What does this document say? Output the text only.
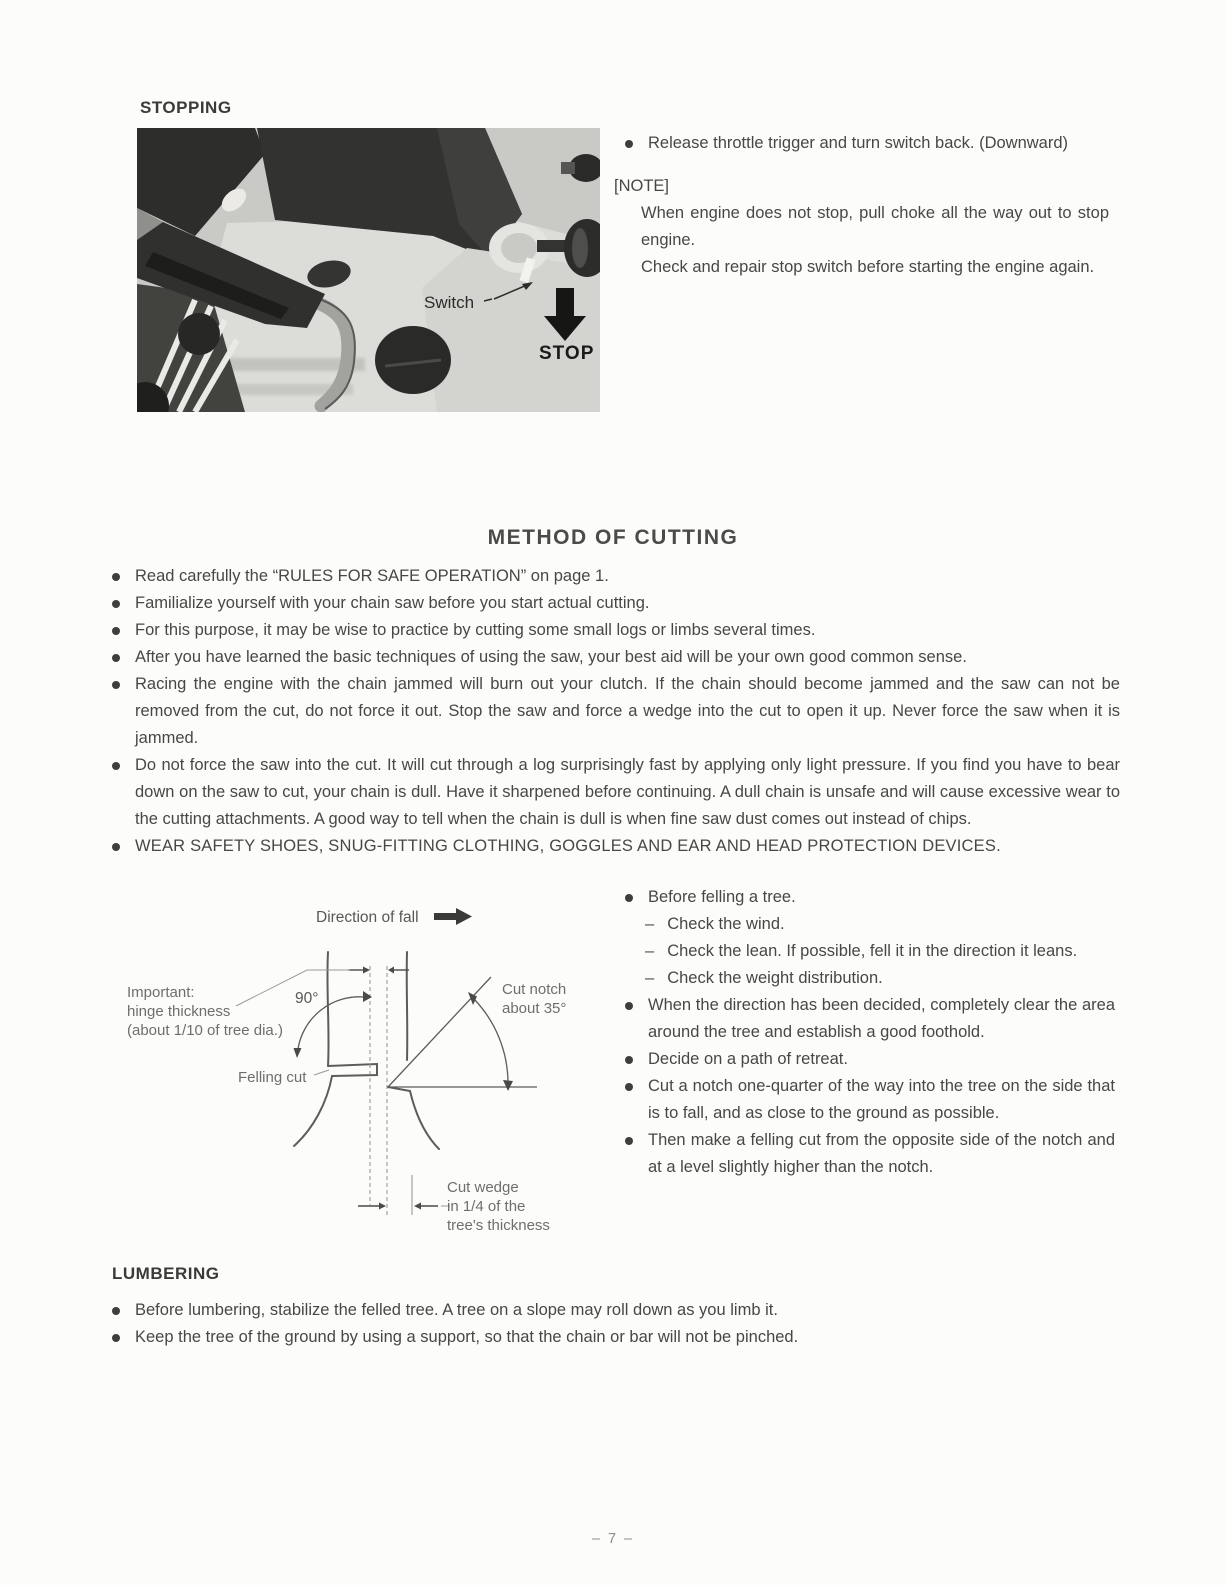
STOPPING
Switch
STOP
Release throttle trigger and turn switch back. (Downward)
[NOTE]
When engine does not stop, pull choke all the way out to stop engine.
Check and repair stop switch before starting the engine again.
METHOD OF CUTTING
Read carefully the “RULES FOR SAFE OPERATION” on page 1.
Familialize yourself with your chain saw before you start actual cutting.
For this purpose, it may be wise to practice by cutting some small logs or limbs several times.
After you have learned the basic techniques of using the saw, your best aid will be your own good common sense.
Racing the engine with the chain jammed will burn out your clutch. If the chain should become jammed and the saw can not be removed from the cut, do not force it out. Stop the saw and force a wedge into the cut to open it up. Never force the saw when it is jammed.
Do not force the saw into the cut. It will cut through a log surprisingly fast by applying only light pressure. If you find you have to bear down on the saw to cut, your chain is dull. Have it sharpened before continuing. A dull chain is unsafe and will cause excessive wear to the cutting attachments. A good way to tell when the chain is dull is when fine saw dust comes out instead of chips.
WEAR SAFETY SHOES, SNUG-FITTING CLOTHING, GOGGLES AND EAR AND HEAD PROTECTION DEVICES.
Direction of fall
Important:
hinge thickness
(about 1/10 of tree dia.)
90°
Felling cut
Cut notch
about 35°
Cut wedge
in 1/4 of the
tree's thickness
Before felling a tree.
– Check the wind.
– Check the lean. If possible, fell it in the direction it leans.
– Check the weight distribution.
When the direction has been decided, completely clear the area around the tree and establish a good foothold.
Decide on a path of retreat.
Cut a notch one-quarter of the way into the tree on the side that is to fall, and as close to the ground as possible.
Then make a felling cut from the opposite side of the notch and at a level slightly higher than the notch.
LUMBERING
Before lumbering, stabilize the felled tree. A tree on a slope may roll down as you limb it.
Keep the tree of the ground by using a support, so that the chain or bar will not be pinched.
– 7 –
